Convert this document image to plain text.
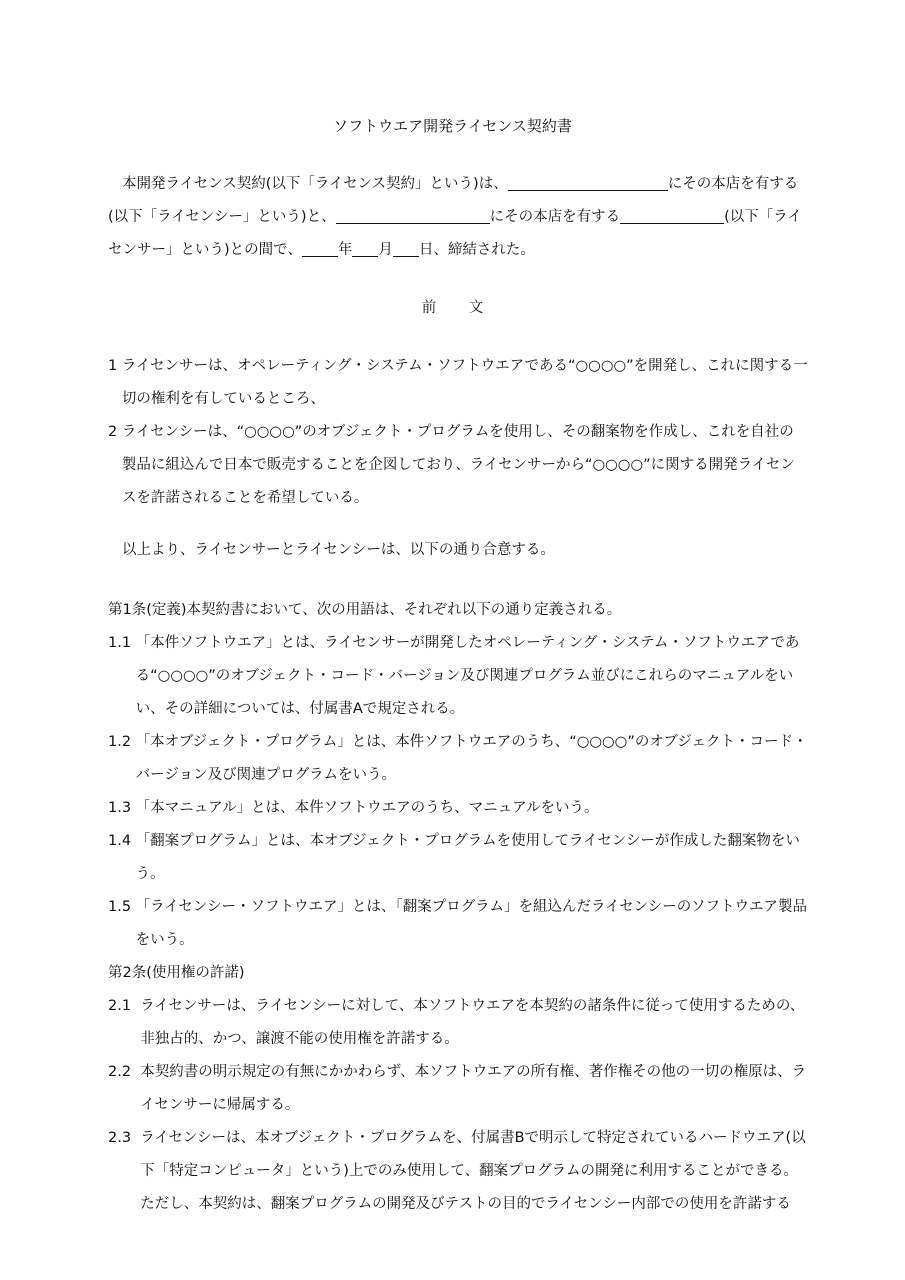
ソフトウエア開発ライセンス契約書

本開発ライセンス契約(以下「ライセンス契約」という)は、	にその本店を有する(以下「ライセンシー」という)と、	にその本店を有する	(以下「ライセンサー」という)との間で、 年 月 日、締結された。

前 文
1 ライセンサーは、オペレーティング・システム・ソフトウエアである“○○○○”を開発し、これに関する一切の権利を有しているところ、
2 ライセンシーは、“○○○○”のオブジェクト・プログラムを使用し、その翻案物を作成し、これを自社の製品に組込んで日本で販売することを企図しており、ライセンサーから“○○○○”に関する開発ライセンスを許諾されることを希望している。
以上より、ライセンサーとライセンシーは、以下の通り合意する。

第1条(定義)本契約書において、次の用語は、それぞれ以下の通り定義される。

1.1 「本件ソフトウエア」とは、ライセンサーが開発したオペレーティング・システム・ソフトウエアである“○○○○”のオブジェクト・コード・バージョン及び関連プログラム並びにこれらのマニュアルをいい、その詳細については、付属書Aで規定される。
1.2 「本オブジェクト・プログラム」とは、本件ソフトウエアのうち、“○○○○”のオブジェクト・コード・バージョン及び関連プログラムをいう。
1.3 「本マニュアル」とは、本件ソフトウエアのうち、マニュアルをいう。
1.4 「翻案プログラム」とは、本オブジェクト・プログラムを使用してライセンシーが作成した翻案物をいう。
1.5 「ライセンシー・ソフトウエア」とは、「翻案プログラム」を組込んだライセンシーのソフトウエア製品をいう。

第2条(使用権の許諾)

2.1 ライセンサーは、ライセンシーに対して、本ソフトウエアを本契約の諸条件に従って使用するための、非独占的、かつ、譲渡不能の使用権を許諾する。
2.2 本契約書の明示規定の有無にかかわらず、本ソフトウエアの所有権、著作権その他の一切の権原は、ライセンサーに帰属する。
2.3 ライセンシーは、本オブジェクト・プログラムを、付属書Bで明示して特定されているハードウエア(以下「特定コンピュータ」という)上でのみ使用して、翻案プログラムの開発に利用することができる。ただし、本契約は、翻案プログラムの開発及びテストの目的でライセンシー内部での使用を許諾する
